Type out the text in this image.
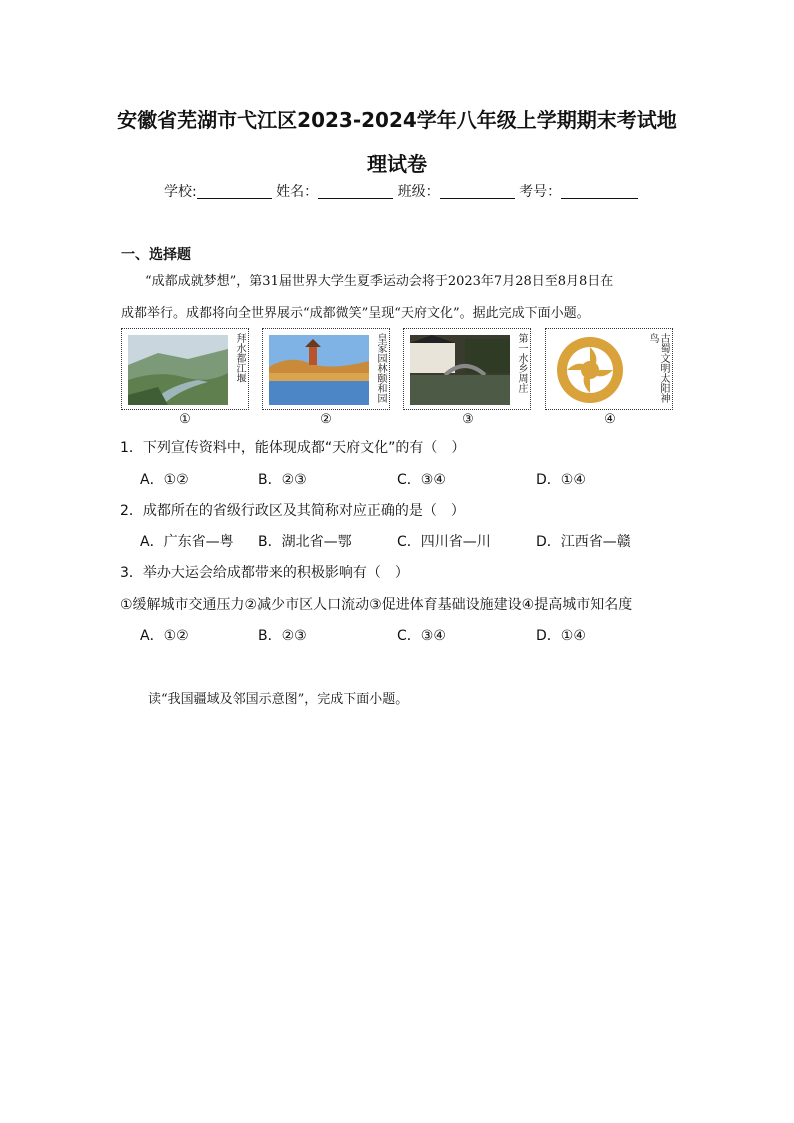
安徽省芜湖市弋江区2023-2024学年八年级上学期期末考试地
理试卷
学校:	姓名：	班级：	考号：
一、选择题
“成都成就梦想”，第31届世界大学生夏季运动会将于2023年7月28日至8月8日在
成都举行。成都将向全世界展示“成都微笑”呈现“天府文化”。据此完成下面小题。
拜水都江堰	皇家园林颐和园	第一水乡周庄	古蜀文明太阳神鸟
①	②	③	④
1．下列宣传资料中，能体现成都“天府文化”的有（　）
A．①②	B．②③	C．③④	D．①④
2．成都所在的省级行政区及其简称对应正确的是（　）
A．广东省—粤 B．湖北省—鄂	C．四川省—川	D．江西省—赣
3．举办大运会给成都带来的积极影响有（　）
①缓解城市交通压力②减少市区人口流动③促进体育基础设施建设④提高城市知名度
A．①②	B．②③	C．③④	D．①④
读“我国疆域及邻国示意图”，完成下面小题。
